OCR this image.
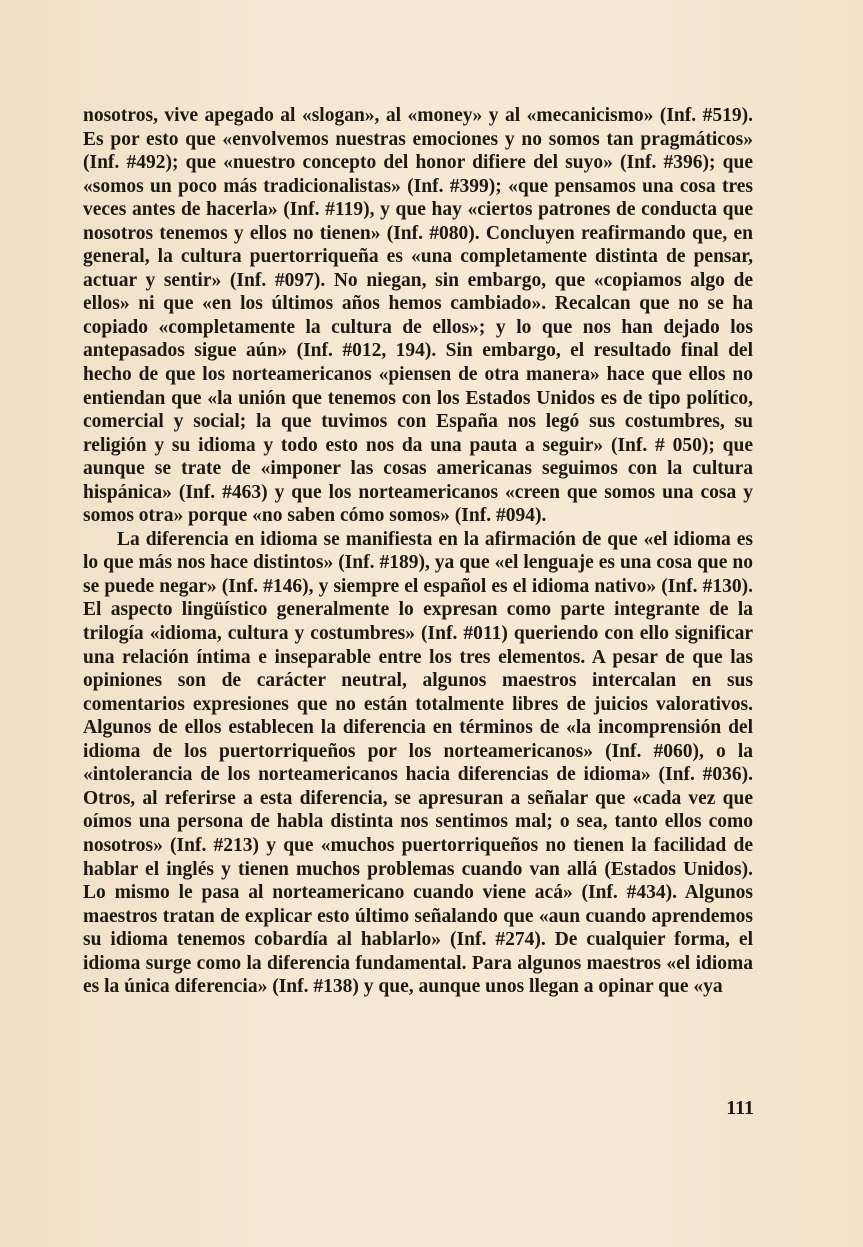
nosotros, vive apegado al «slogan», al «money» y al «mecanicismo» (Inf. #519). Es por esto que «envolvemos nuestras emociones y no somos tan pragmáticos» (Inf. #492); que «nuestro concepto del honor difiere del suyo» (Inf. #396); que «somos un poco más tradicionalistas» (Inf. #399); «que pensamos una cosa tres veces antes de hacerla» (Inf. #119), y que hay «ciertos patrones de conducta que nosotros tenemos y ellos no tienen» (Inf. #080). Concluyen reafirmando que, en general, la cultura puertorriqueña es «una completamente distinta de pensar, actuar y sentir» (Inf. #097). No niegan, sin embargo, que «copiamos algo de ellos» ni que «en los últimos años hemos cambiado». Recalcan que no se ha copiado «completamente la cultura de ellos»; y lo que nos han dejado los antepasados sigue aún» (Inf. #012, 194). Sin embargo, el resultado final del hecho de que los norteamericanos «piensen de otra manera» hace que ellos no entiendan que «la unión que tenemos con los Estados Unidos es de tipo político, comercial y social; la que tuvimos con España nos legó sus costumbres, su religión y su idioma y todo esto nos da una pauta a seguir» (Inf. # 050); que aunque se trate de «imponer las cosas americanas seguimos con la cultura hispánica» (Inf. #463) y que los norteamericanos «creen que somos una cosa y somos otra» porque «no saben cómo somos» (Inf. #094).

La diferencia en idioma se manifiesta en la afirmación de que «el idioma es lo que más nos hace distintos» (Inf. #189), ya que «el lenguaje es una cosa que no se puede negar» (Inf. #146), y siempre el español es el idioma nativo» (Inf. #130). El aspecto lingüístico generalmente lo expresan como parte integrante de la trilogía «idioma, cultura y costumbres» (Inf. #011) queriendo con ello significar una relación íntima e inseparable entre los tres elementos. A pesar de que las opiniones son de carácter neutral, algunos maestros intercalan en sus comentarios expresiones que no están totalmente libres de juicios valorativos. Algunos de ellos establecen la diferencia en términos de «la incomprensión del idioma de los puertorriqueños por los norteamericanos» (Inf. #060), o la «intolerancia de los norteamericanos hacia diferencias de idioma» (Inf. #036). Otros, al referirse a esta diferencia, se apresuran a señalar que «cada vez que oímos una persona de habla distinta nos sentimos mal; o sea, tanto ellos como nosotros» (Inf. #213) y que «muchos puertorriqueños no tienen la facilidad de hablar el inglés y tienen muchos problemas cuando van allá (Estados Unidos). Lo mismo le pasa al norteamericano cuando viene acá» (Inf. #434). Algunos maestros tratan de explicar esto último señalando que «aun cuando aprendemos su idioma tenemos cobardía al hablarlo» (Inf. #274). De cualquier forma, el idioma surge como la diferencia fundamental. Para algunos maestros «el idioma es la única diferencia» (Inf. #138) y que, aunque unos llegan a opinar que «ya

111
